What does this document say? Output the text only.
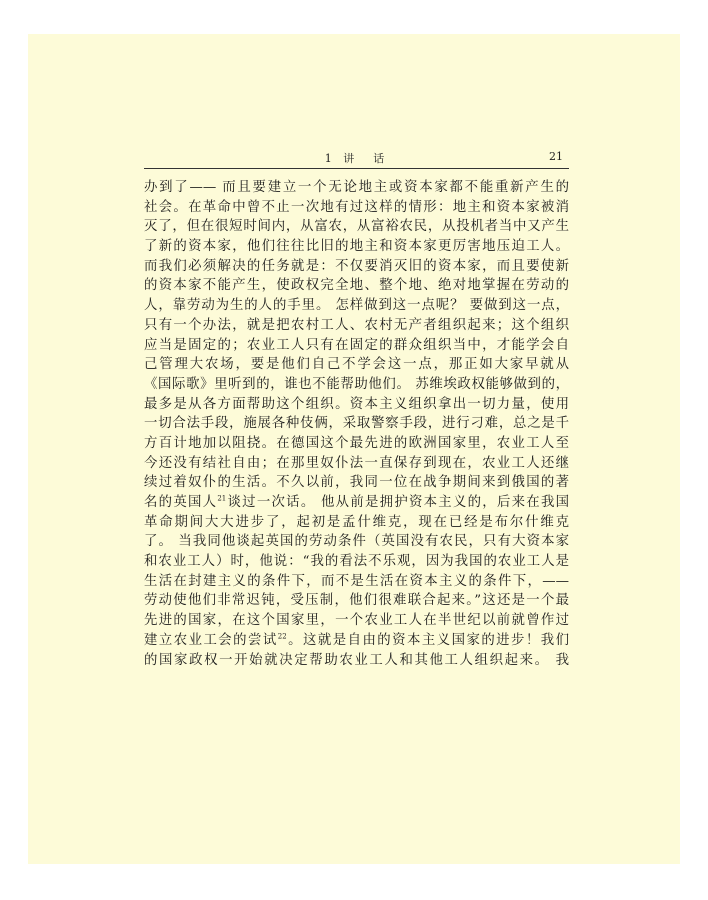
1 讲　话	21
办到了—— 而且要建立一个无论地主或资本家都不能重新产生的
社会。在革命中曾不止一次地有过这样的情形：地主和资本家被消
灭了，但在很短时间内，从富农，从富裕农民，从投机者当中又产生
了新的资本家，他们往往比旧的地主和资本家更厉害地压迫工人。
而我们必须解决的任务就是：不仅要消灭旧的资本家，而且要使新
的资本家不能产生，使政权完全地、整个地、绝对地掌握在劳动的
人，靠劳动为生的人的手里。 怎样做到这一点呢？ 要做到这一点，
只有一个办法，就是把农村工人、农村无产者组织起来；这个组织
应当是固定的；农业工人只有在固定的群众组织当中，才能学会自
己管理大农场，要是他们自己不学会这一点，那正如大家早就从
《国际歌》里听到的，谁也不能帮助他们。 苏维埃政权能够做到的，
最多是从各方面帮助这个组织。资本主义组织拿出一切力量，使用
一切合法手段，施展各种伎俩，采取警察手段，进行刁难，总之是千
方百计地加以阻挠。在德国这个最先进的欧洲国家里，农业工人至
今还没有结社自由；在那里奴仆法一直保存到现在，农业工人还继
续过着奴仆的生活。不久以前，我同一位在战争期间来到俄国的著
名的英国人$^{21}$谈过一次话。 他从前是拥护资本主义的，后来在我国
革命期间大大进步了，起初是孟什维克，现在已经是布尔什维克
了。 当我同他谈起英国的劳动条件（英国没有农民，只有大资本家
和农业工人）时，他说：“我的看法不乐观，因为我国的农业工人是
生活在封建主义的条件下，而不是生活在资本主义的条件下，——
劳动使他们非常迟钝，受压制，他们很难联合起来。”这还是一个最
先进的国家，在这个国家里，一个农业工人在半世纪以前就曾作过
建立农业工会的尝试$^{22}$。这就是自由的资本主义国家的进步！我们
的国家政权一开始就决定帮助农业工人和其他工人组织起来。 我
